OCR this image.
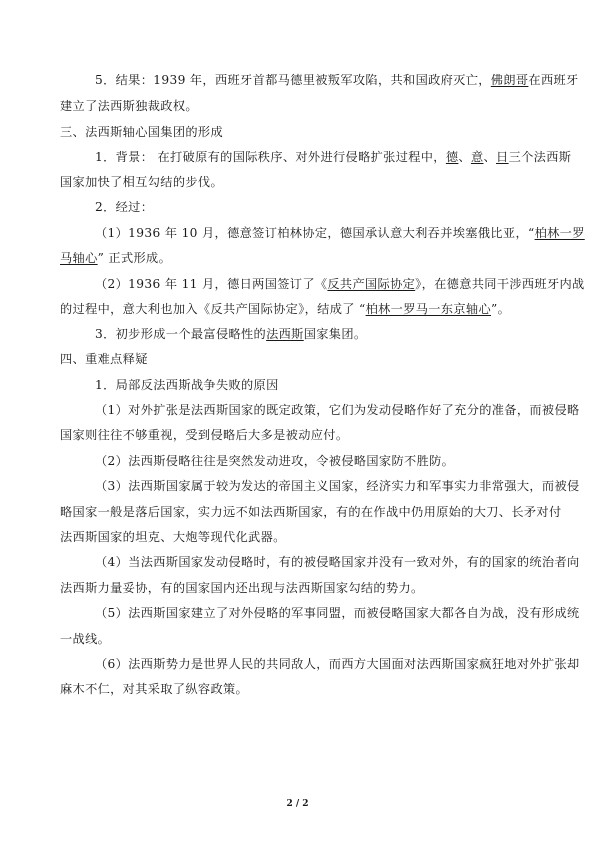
5．结果：1939 年，西班牙首都马德里被叛军攻陷，共和国政府灭亡，佛朗哥在西班牙
建立了法西斯独裁政权。
三、法西斯轴心国集团的形成
1．背景： 在打破原有的国际秩序、对外进行侵略扩张过程中，德、意、日三个法西斯
国家加快了相互勾结的步伐。
2．经过：
（1）1936 年 10 月，德意签订柏林协定，德国承认意大利吞并埃塞俄比亚，“柏林一罗
马轴心” 正式形成。
（2）1936 年 11 月，德日两国签订了《反共产国际协定》，在德意共同干涉西班牙内战
的过程中，意大利也加入《反共产国际协定》，结成了 “柏林一罗马一东京轴心”。
3．初步形成一个最富侵略性的法西斯国家集团。
四、重难点释疑
1．局部反法西斯战争失败的原因
（1）对外扩张是法西斯国家的既定政策，它们为发动侵略作好了充分的准备，而被侵略
国家则往往不够重视，受到侵略后大多是被动应付。
（2）法西斯侵略往往是突然发动进攻，令被侵略国家防不胜防。
（3）法西斯国家属于较为发达的帝国主义国家，经济实力和军事实力非常强大，而被侵
略国家一般是落后国家，实力远不如法西斯国家，有的在作战中仍用原始的大刀、长矛对付
法西斯国家的坦克、大炮等现代化武器。
（4）当法西斯国家发动侵略时，有的被侵略国家并没有一致对外，有的国家的统治者向
法西斯力量妥协，有的国家国内还出现与法西斯国家勾结的势力。
（5）法西斯国家建立了对外侵略的军事同盟，而被侵略国家大都各自为战，没有形成统
一战线。
（6）法西斯势力是世界人民的共同敌人，而西方大国面对法西斯国家疯狂地对外扩张却
麻木不仁，对其采取了纵容政策。
2 / 2
